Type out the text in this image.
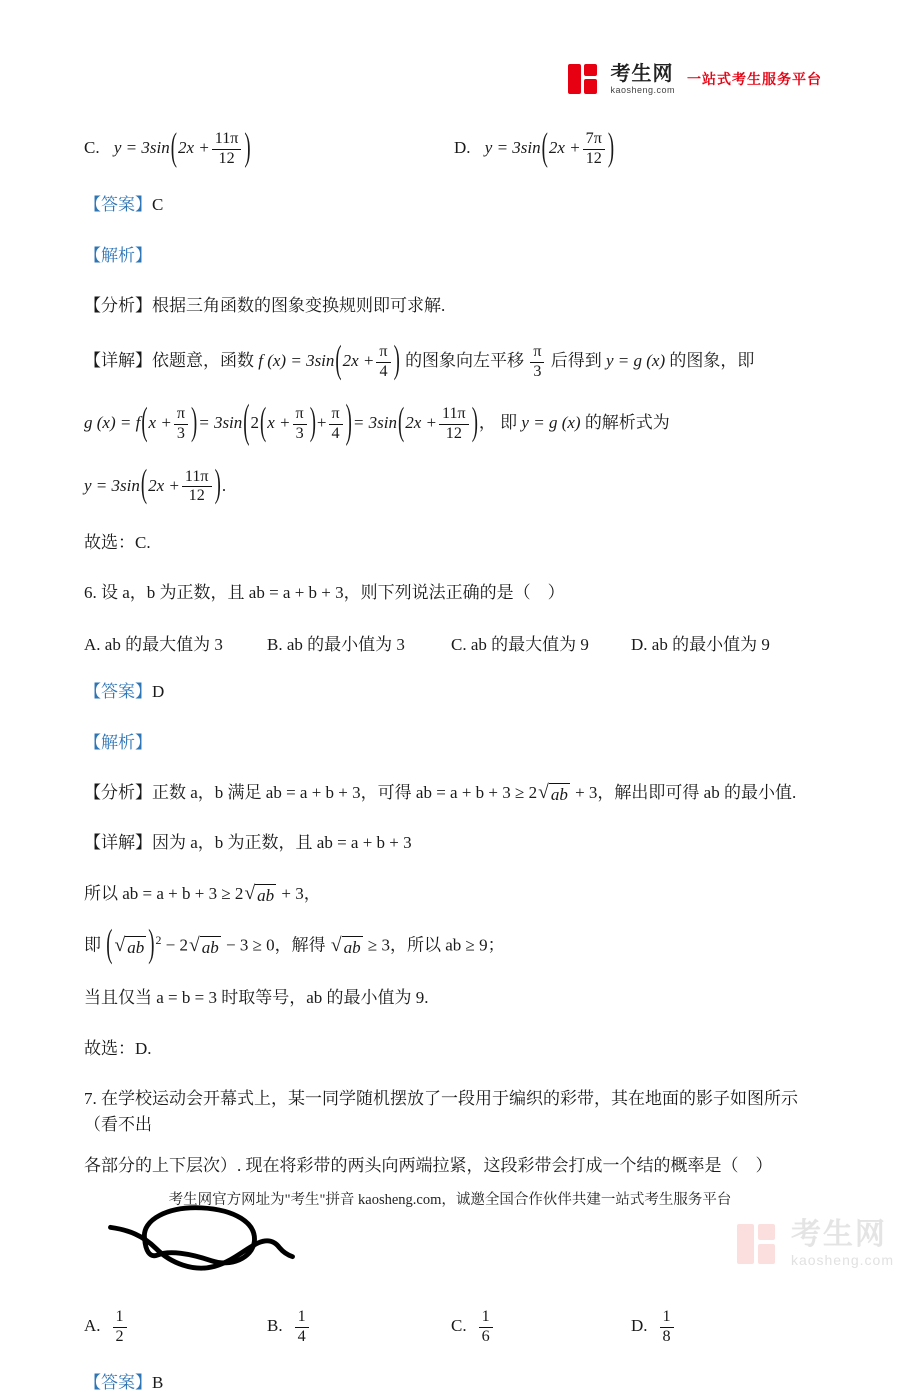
考生网
kaosheng.com
一站式考生服务平台
C. $y = 3\sin(2x + \frac{11\pi}{12}$ )	D. $y = 3\sin(2x + \frac{7\pi}{12}$ )
【答案】C
【解析】
【分析】根据三角函数的图象变换规则即可求解.
【详解】依题意，函数 f $(x) = 3\sin(2x + \frac{\pi}{4}$ ) 的图象向左平移 $\frac{\pi}{3}$ 后得到 y = g (x) 的图象，即
g $(x) = f(x + \frac{\pi}{3}$ )= $3\sin(2(x + \frac{\pi}{3}$ )+ $\frac{\pi}{4}$ )= $3\sin(2x + \frac{11\pi}{12}$ )， 即 y = g (x) 的解析式为
$y = 3\sin(2x + \frac{11\pi}{12}$ ).
故选：C.
6. 设 a，b 为正数，且 ab = a + b + 3，则下列说法正确的是（　）
A. ab 的最大值为 3	B. ab 的最小值为 3	C. ab 的最大值为 9	D. ab 的最小值为 9
【答案】D
【解析】
【分析】正数 a，b 满足 ab = a + b + 3，可得 ab = a + b + 3 ≥ 2 √ ab + 3，解出即可得 ab 的最小值.
【详解】因为 a，b 为正数，且 ab = a + b + 3
所以 ab = a + b + 3 ≥ 2 √ ab + 3，
即 ( √ ab )$^2$ − 2 √ ab − 3 ≥ 0，解得 √ ab ≥ 3，所以 ab ≥ 9；
当且仅当 a = b = 3 时取等号，ab 的最小值为 9.
故选：D.
7. 在学校运动会开幕式上，某一同学随机摆放了一段用于编织的彩带，其在地面的影子如图所示（看不出
各部分的上下层次）. 现在将彩带的两头向两端拉紧，这段彩带会打成一个结的概率是（　）
A. $\frac{1}{2}$	B. $\frac{1}{4}$	C. $\frac{1}{6}$	D. $\frac{1}{8}$
【答案】B
考生网官方网址为"考生"拼音 kaosheng.com，诚邀全国合作伙伴共建一站式考生服务平台
考生网
kaosheng.com
